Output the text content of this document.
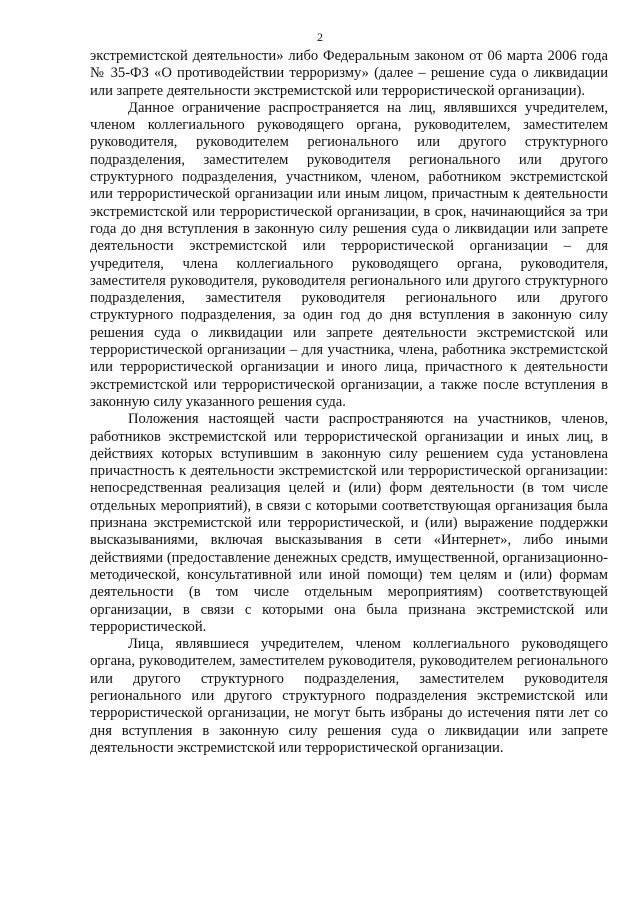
2

экстремистской деятельности» либо Федеральным законом от 06 марта 2006 года № 35-ФЗ «О противодействии терроризму» (далее – решение суда о ликвидации или запрете деятельности экстремистской или террористической организации).

Данное ограничение распространяется на лиц, являвшихся учредителем, членом коллегиального руководящего органа, руководителем, заместителем руководителя, руководителем регионального или другого структурного подразделения, заместителем руководителя регионального или другого структурного подразделения, участником, членом, работником экстремистской или террористической организации или иным лицом, причастным к деятельности экстремистской или террористической организации, в срок, начинающийся за три года до дня вступления в законную силу решения суда о ликвидации или запрете деятельности экстремистской или террористической организации – для учредителя, члена коллегиального руководящего органа, руководителя, заместителя руководителя, руководителя регионального или другого структурного подразделения, заместителя руководителя регионального или другого структурного подразделения, за один год до дня вступления в законную силу решения суда о ликвидации или запрете деятельности экстремистской или террористической организации – для участника, члена, работника экстремистской или террористической организации и иного лица, причастного к деятельности экстремистской или террористической организации, а также после вступления в законную силу указанного решения суда.

Положения настоящей части распространяются на участников, членов, работников экстремистской или террористической организации и иных лиц, в действиях которых вступившим в законную силу решением суда установлена причастность к деятельности экстремистской или террористической организации: непосредственная реализация целей и (или) форм деятельности (в том числе отдельных мероприятий), в связи с которыми соответствующая организация была признана экстремистской или террористической, и (или) выражение поддержки высказываниями, включая высказывания в сети «Интернет», либо иными действиями (предоставление денежных средств, имущественной, организационно-методической, консультативной или иной помощи) тем целям и (или) формам деятельности (в том числе отдельным мероприятиям) соответствующей организации, в связи с которыми она была признана экстремистской или террористической.

Лица, являвшиеся учредителем, членом коллегиального руководящего органа, руководителем, заместителем руководителя, руководителем регионального или другого структурного подразделения, заместителем руководителя регионального или другого структурного подразделения экстремистской или террористической организации, не могут быть избраны до истечения пяти лет со дня вступления в законную силу решения суда о ликвидации или запрете деятельности экстремистской или террористической организации.
